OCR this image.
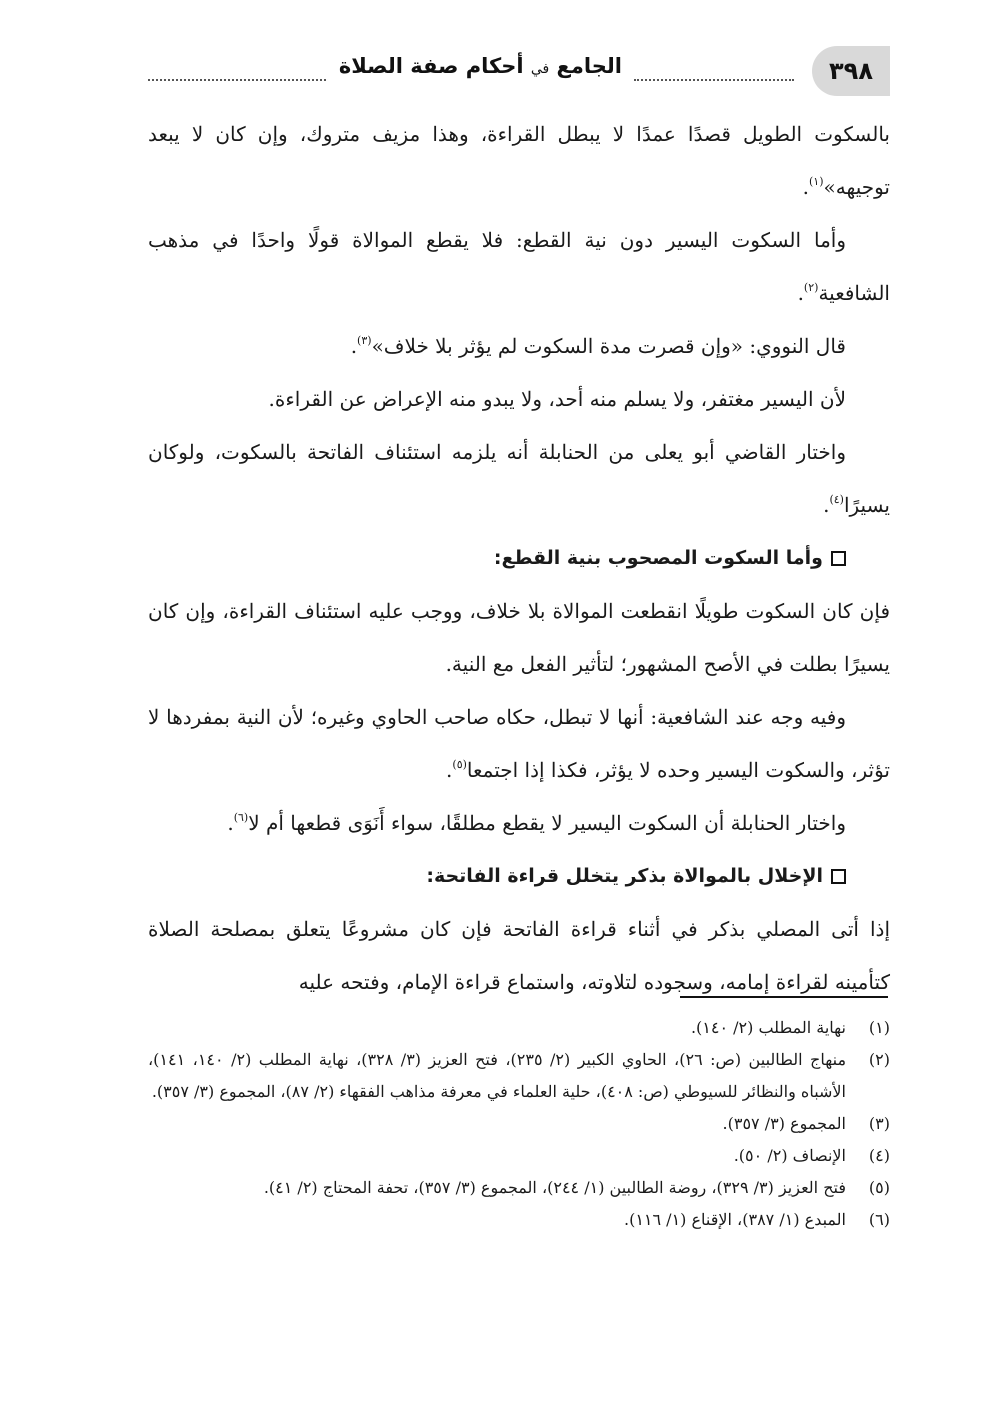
٣٩٨
الجامع في أحكام صفة الصلاة

بالسكوت الطويل قصدًا عمدًا لا يبطل القراءة، وهذا مزيف متروك، وإن كان لا يبعد توجيهه»$^{(١)}$.

وأما السكوت اليسير دون نية القطع: فلا يقطع الموالاة قولًا واحدًا في مذهب الشافعية$^{(٢)}$.

قال النووي: «وإن قصرت مدة السكوت لم يؤثر بلا خلاف»$^{(٣)}$.

لأن اليسير مغتفر، ولا يسلم منه أحد، ولا يبدو منه الإعراض عن القراءة.

واختار القاضي أبو يعلى من الحنابلة أنه يلزمه استئناف الفاتحة بالسكوت، ولوكان يسيرًا$^{(٤)}$.

وأما السكوت المصحوب بنية القطع:

فإن كان السكوت طويلًا انقطعت الموالاة بلا خلاف، ووجب عليه استئناف القراءة، وإن كان يسيرًا بطلت في الأصح المشهور؛ لتأثير الفعل مع النية.

وفيه وجه عند الشافعية: أنها لا تبطل، حكاه صاحب الحاوي وغيره؛ لأن النية بمفردها لا تؤثر، والسكوت اليسير وحده لا يؤثر، فكذا إذا اجتمعا$^{(٥)}$.

واختار الحنابلة أن السكوت اليسير لا يقطع مطلقًا، سواء أَنَوَى قطعها أم لا$^{(٦)}$.

الإخلال بالموالاة بذكر يتخلل قراءة الفاتحة:

إذا أتى المصلي بذكر في أثناء قراءة الفاتحة فإن كان مشروعًا يتعلق بمصلحة الصلاة كتأمينه لقراءة إمامه، وسجوده لتلاوته، واستماع قراءة الإمام، وفتحه عليه

(١)
نهاية المطلب (٢/ ١٤٠).
(٢)
منهاج الطالبين (ص: ٢٦)، الحاوي الكبير (٢/ ٢٣٥)، فتح العزيز (٣/ ٣٢٨)، نهاية المطلب (٢/ ١٤٠، ١٤١)، الأشباه والنظائر للسيوطي (ص: ٤٠٨)، حلية العلماء في معرفة مذاهب الفقهاء (٢/ ٨٧)، المجموع (٣/ ٣٥٧).
(٣)
المجموع (٣/ ٣٥٧).
(٤)
الإنصاف (٢/ ٥٠).
(٥)
فتح العزيز (٣/ ٣٢٩)، روضة الطالبين (١/ ٢٤٤)، المجموع (٣/ ٣٥٧)، تحفة المحتاج (٢/ ٤١).
(٦)
المبدع (١/ ٣٨٧)، الإقناع (١/ ١١٦).
